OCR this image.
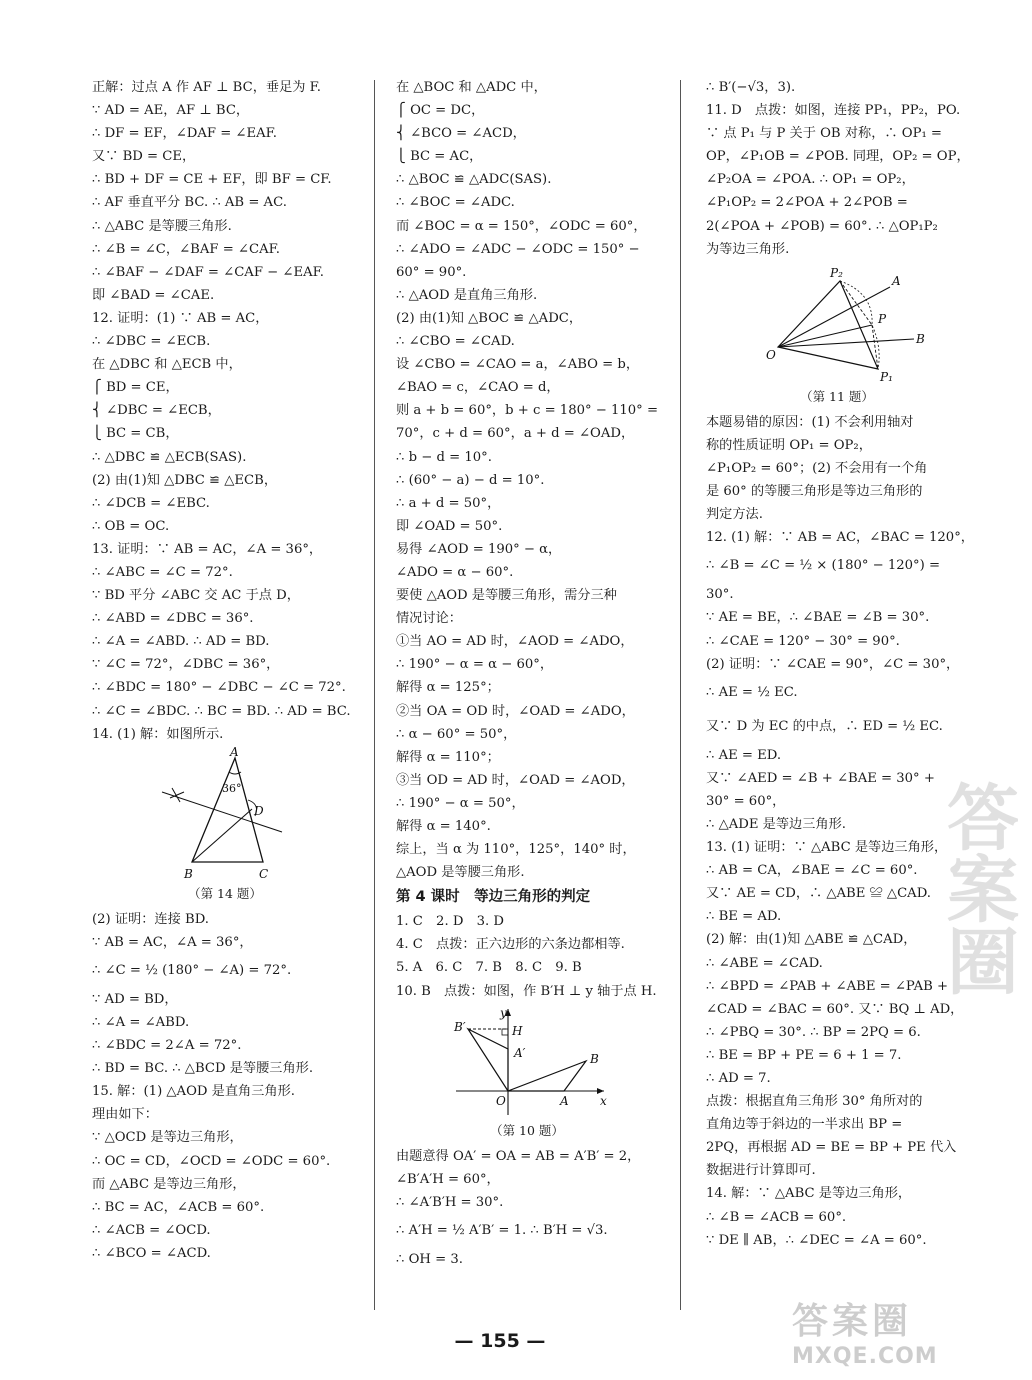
正解：过点 A 作 AF ⊥ BC，垂足为 F.
∵ AD = AE，AF ⊥ BC，
∴ DF = EF，∠DAF = ∠EAF.
又∵ BD = CE，
∴ BD + DF = CE + EF，即 BF = CF.
∴ AF 垂直平分 BC. ∴ AB = AC.
∴ △ABC 是等腰三角形.
∴ ∠B = ∠C，∠BAF = ∠CAF.
∴ ∠BAF − ∠DAF = ∠CAF − ∠EAF.
即 ∠BAD = ∠CAE.
12. 证明：(1) ∵ AB = AC，
∴ ∠DBC = ∠ECB.
在 △DBC 和 △ECB 中，
⎧ BD = CE，
⎨ ∠DBC = ∠ECB，
⎩ BC = CB，
∴ △DBC ≌ △ECB(SAS).
(2) 由(1)知 △DBC ≌ △ECB，
∴ ∠DCB = ∠EBC.
∴ OB = OC.
13. 证明：∵ AB = AC，∠A = 36°，
∴ ∠ABC = ∠C = 72°.
∵ BD 平分 ∠ABC 交 AC 于点 D，
∴ ∠ABD = ∠DBC = 36°.
∴ ∠A = ∠ABD. ∴ AD = BD.
∵ ∠C = 72°，∠DBC = 36°，
∴ ∠BDC = 180° − ∠DBC − ∠C = 72°.
∴ ∠C = ∠BDC. ∴ BC = BD. ∴ AD = BC.
14. (1) 解：如图所示.
A
36°
D
B	C
（第 14 题）
(2) 证明：连接 BD.
∵ AB = AC，∠A = 36°，
∴ ∠C = ½ (180° − ∠A) = 72°.
∵ AD = BD，
∴ ∠A = ∠ABD.
∴ ∠BDC = 2∠A = 72°.
∴ BD = BC. ∴ △BCD 是等腰三角形.
15. 解：(1) △AOD 是直角三角形.
理由如下：
∵ △OCD 是等边三角形，
∴ OC = CD，∠OCD = ∠ODC = 60°.
而 △ABC 是等边三角形，
∴ BC = AC，∠ACB = 60°.
∴ ∠ACB = ∠OCD.
∴ ∠BCO = ∠ACD.
在 △BOC 和 △ADC 中，
⎧ OC = DC，
⎨ ∠BCO = ∠ACD，
⎩ BC = AC，
∴ △BOC ≌ △ADC(SAS).
∴ ∠BOC = ∠ADC.
而 ∠BOC = α = 150°，∠ODC = 60°，
∴ ∠ADO = ∠ADC − ∠ODC = 150° −
60° = 90°.
∴ △AOD 是直角三角形.
(2) 由(1)知 △BOC ≌ △ADC，
∴ ∠CBO = ∠CAD.
设 ∠CBO = ∠CAO = a，∠ABO = b，
∠BAO = c，∠CAO = d，
则 a + b = 60°，b + c = 180° − 110° =
70°，c + d = 60°，a + d = ∠OAD，
∴ b − d = 10°.
∴ (60° − a) − d = 10°.
∴ a + d = 50°，
即 ∠OAD = 50°.
易得 ∠AOD = 190° − α，
∠ADO = α − 60°.
要使 △AOD 是等腰三角形，需分三种
情况讨论：
①当 AO = AD 时，∠AOD = ∠ADO，
∴ 190° − α = α − 60°，
解得 α = 125°；
②当 OA = OD 时，∠OAD = ∠ADO，
∴ α − 60° = 50°，
解得 α = 110°；
③当 OD = AD 时，∠OAD = ∠AOD，
∴ 190° − α = 50°，
解得 α = 140°.
综上，当 α 为 110°，125°，140° 时，
△AOD 是等腰三角形.
第 4 课时　等边三角形的判定
1. C　2. D　3. D
4. C　点拨：正六边形的六条边都相等.
5. A　6. C　7. B　8. C　9. B
10. B　点拨：如图，作 B′H ⊥ y 轴于点 H.
B′	H
y
A′	B
O	A	x
（第 10 题）
由题意得 OA′ = OA = AB = A′B′ = 2，
∠B′A′H = 60°，
∴ ∠A′B′H = 30°.
∴ A′H = ½ A′B′ = 1. ∴ B′H = √3.
∴ OH = 3.
∴ B′(−√3，3).
11. D　点拨：如图，连接 PP₁，PP₂，PO.
∵ 点 P₁ 与 P 关于 OB 对称，∴ OP₁ =
OP，∠P₁OB = ∠POB. 同理，OP₂ = OP，
∠P₂OA = ∠POA. ∴ OP₁ = OP₂，
∠P₁OP₂ = 2∠POA + 2∠POB =
2(∠POA + ∠POB) = 60°. ∴ △OP₁P₂
为等边三角形.
P₂
A
P
B
O
P₁
（第 11 题）
本题易错的原因：(1) 不会利用轴对
称的性质证明 OP₁ = OP₂，
∠P₁OP₂ = 60°；(2) 不会用有一个角
是 60° 的等腰三角形是等边三角形的
判定方法.
12. (1) 解：∵ AB = AC，∠BAC = 120°，
∴ ∠B = ∠C = ½ × (180° − 120°) =
30°.
∵ AE = BE，∴ ∠BAE = ∠B = 30°.
∴ ∠CAE = 120° − 30° = 90°.
(2) 证明：∵ ∠CAE = 90°，∠C = 30°，
∴ AE = ½ EC.
又∵ D 为 EC 的中点，∴ ED = ½ EC.
∴ AE = ED.
又∵ ∠AED = ∠B + ∠BAE = 30° +
30° = 60°，
∴ △ADE 是等边三角形.
13. (1) 证明：∵ △ABC 是等边三角形，
∴ AB = CA，∠BAE = ∠C = 60°.
又∵ AE = CD，∴ △ABE ≌ △CAD.
∴ BE = AD.
(2) 解：由(1)知 △ABE ≌ △CAD，
∴ ∠ABE = ∠CAD.
∴ ∠BPD = ∠PAB + ∠ABE = ∠PAB +
∠CAD = ∠BAC = 60°. 又∵ BQ ⊥ AD，
∴ ∠PBQ = 30°. ∴ BP = 2PQ = 6.
∴ BE = BP + PE = 6 + 1 = 7.
∴ AD = 7.
点拨：根据直角三角形 30° 角所对的
直角边等于斜边的一半求出 BP =
2PQ，再根据 AD = BE = BP + PE 代入
数据进行计算即可.
14. 解：∵ △ABC 是等边三角形，
∴ ∠B = ∠ACB = 60°.
∵ DE ∥ AB，∴ ∠DEC = ∠A = 60°.
答案圈
答案圈
MXQE.COM
— 155 —
